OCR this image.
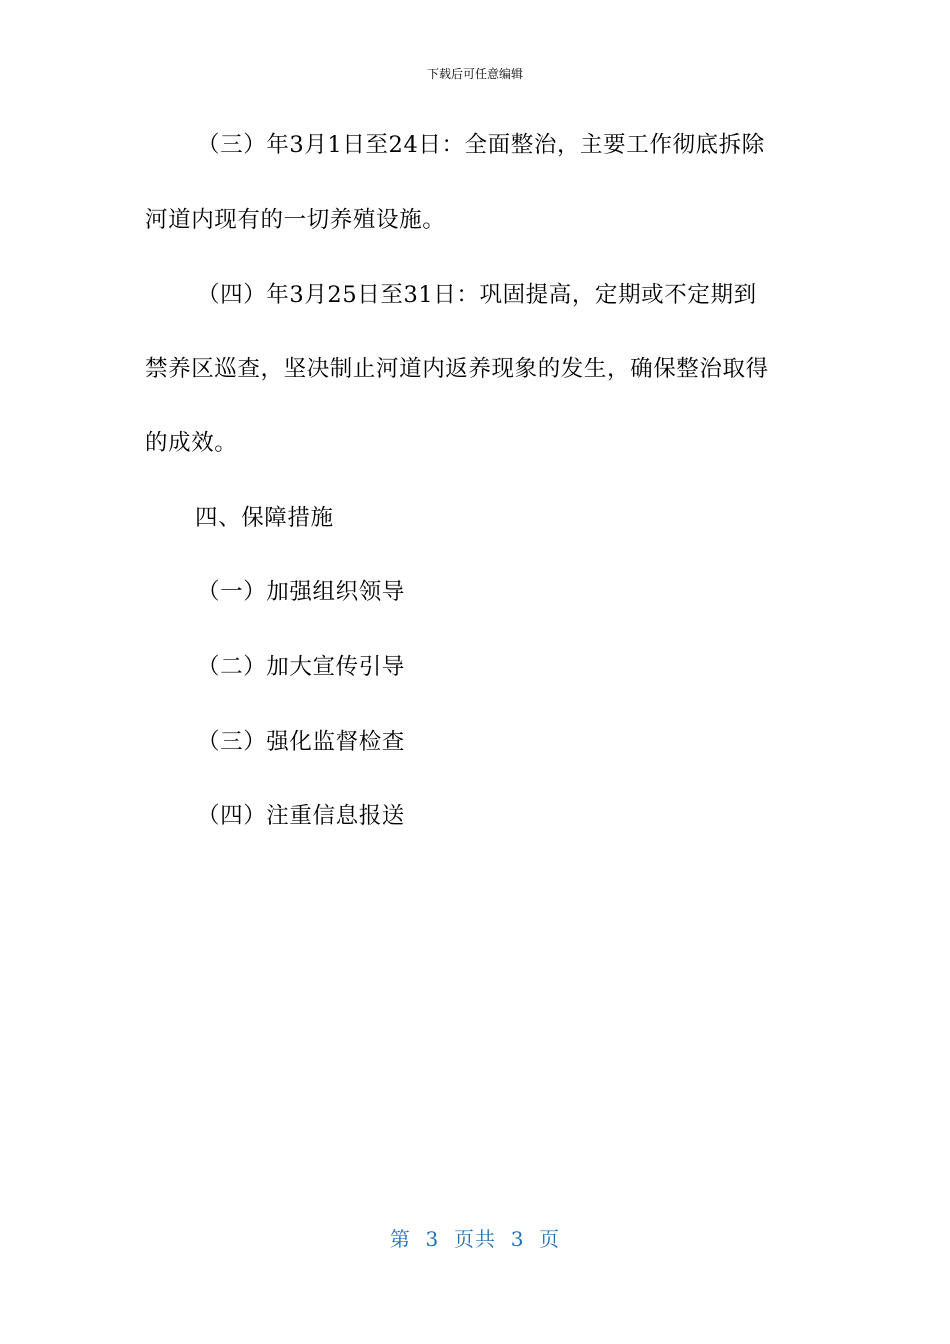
下载后可任意编辑
（三）年3月1日至24日：全面整治，主要工作彻底拆除
河道内现有的一切养殖设施。
（四）年3月25日至31日：巩固提高，定期或不定期到
禁养区巡查，坚决制止河道内返养现象的发生，确保整治取得
的成效。
四、保障措施
（一）加强组织领导
（二）加大宣传引导
（三）强化监督检查
（四）注重信息报送
第  3  页共  3  页
